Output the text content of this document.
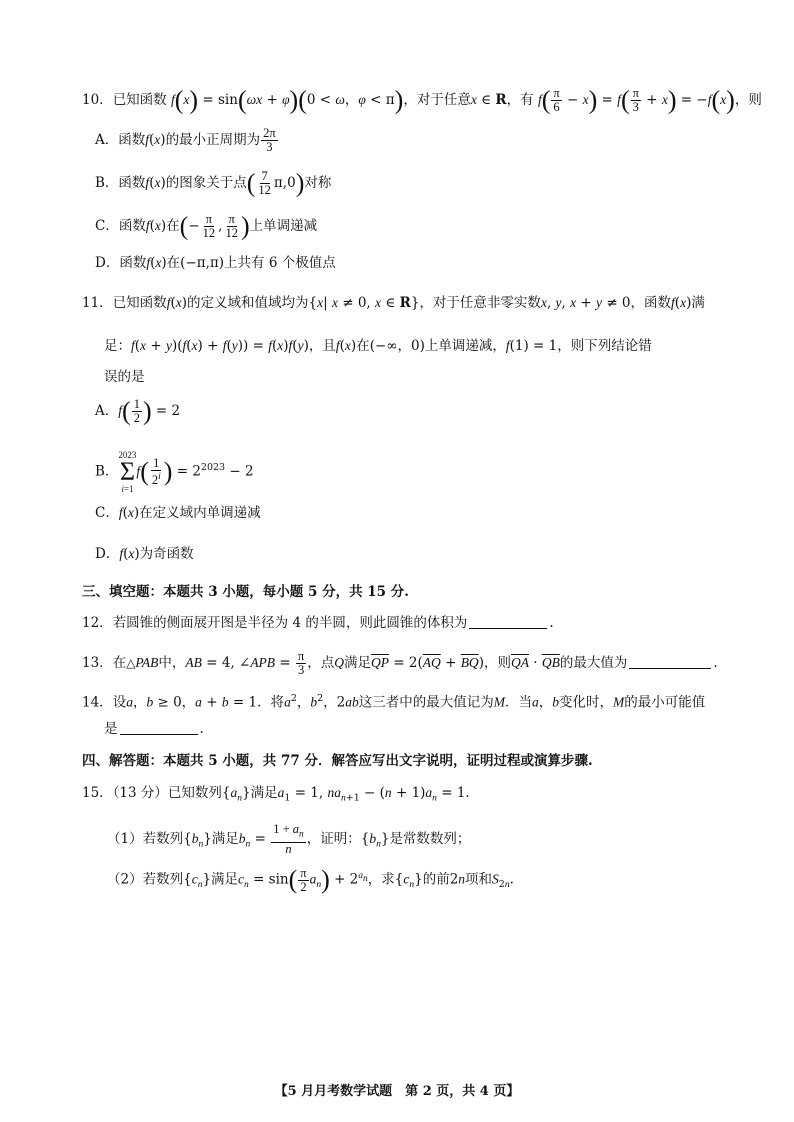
10．已知函数 f(x) = sin(ωx + φ)(0 < ω，φ < π)，对于任意x ∈ R，有 $f( \frac{\pi}{6} - x) = f( \frac{\pi}{3} + x) = -f(x)$，则
A．函数f(x)的最小正周期为 $\frac{2\pi}{3}$
B．函数f(x)的图象关于点( $\frac{7}{12} \pi,0$)对称
C．函数f(x)在(− $\frac{\pi}{12}$ , $\frac{\pi}{12}$ )上单调递减
D．函数f(x)在(−π,π)上共有 6 个极值点
11．已知函数f(x)的定义域和值域均为{x| x ≠ 0, x ∈ R}，对于任意非零实数x, y, x + y ≠ 0，函数f(x)满
足：f(x + y)(f(x) + f(y)) = f(x)f(y)，且f(x)在(−∞，0)上单调递减，f(1) = 1，则下列结论错
误的是
A．$f( \frac{1}{2}$ ) = 2
B．
2023
Σ
i=1
$f( \frac{1}{2^i}$ ) = $2^{2023} - 2$
C．f(x)在定义域内单调递减
D．f(x)为奇函数
三、填空题：本题共 3 小题，每小题 5 分，共 15 分.
12．若圆锥的侧面展开图是半径为 4 的半圆，则此圆锥的体积为	.
13．在△PAB中，AB = 4, ∠APB = $\frac{\pi}{3}$ ，点Q满足$\overline{QP} = 2(\overline{AQ} + \overline{BQ})$，则$\overline{QA} \cdot \overline{QB}$的最大值为	.
14．设a，b ≥ 0，a + b = 1．将$a^2$，$b^2$，2ab这三者中的最大值记为M．当a，b变化时，M的最小可能值
是	.
四、解答题：本题共 5 小题，共 77 分．解答应写出文字说明，证明过程或演算步骤.
15．（13 分）已知数列$\{a_n\}$满足$a_1 = 1$, $na_{n+1} - (n + 1)a_n = 1$．
（1）若数列$\{b_n\}$满足$b_n = \frac{1 + a_n}{n}$ ，证明：$\{b_n\}$是常数数列；
（2）若数列$\{c_n\}$满足$c_n = \sin( \frac{\pi}{2} a_n) + 2^{a_n}$，求$\{c_n\}$的前2n项和$S_{2n}$.
【5 月月考数学试题　第 2 页，共 4 页】
